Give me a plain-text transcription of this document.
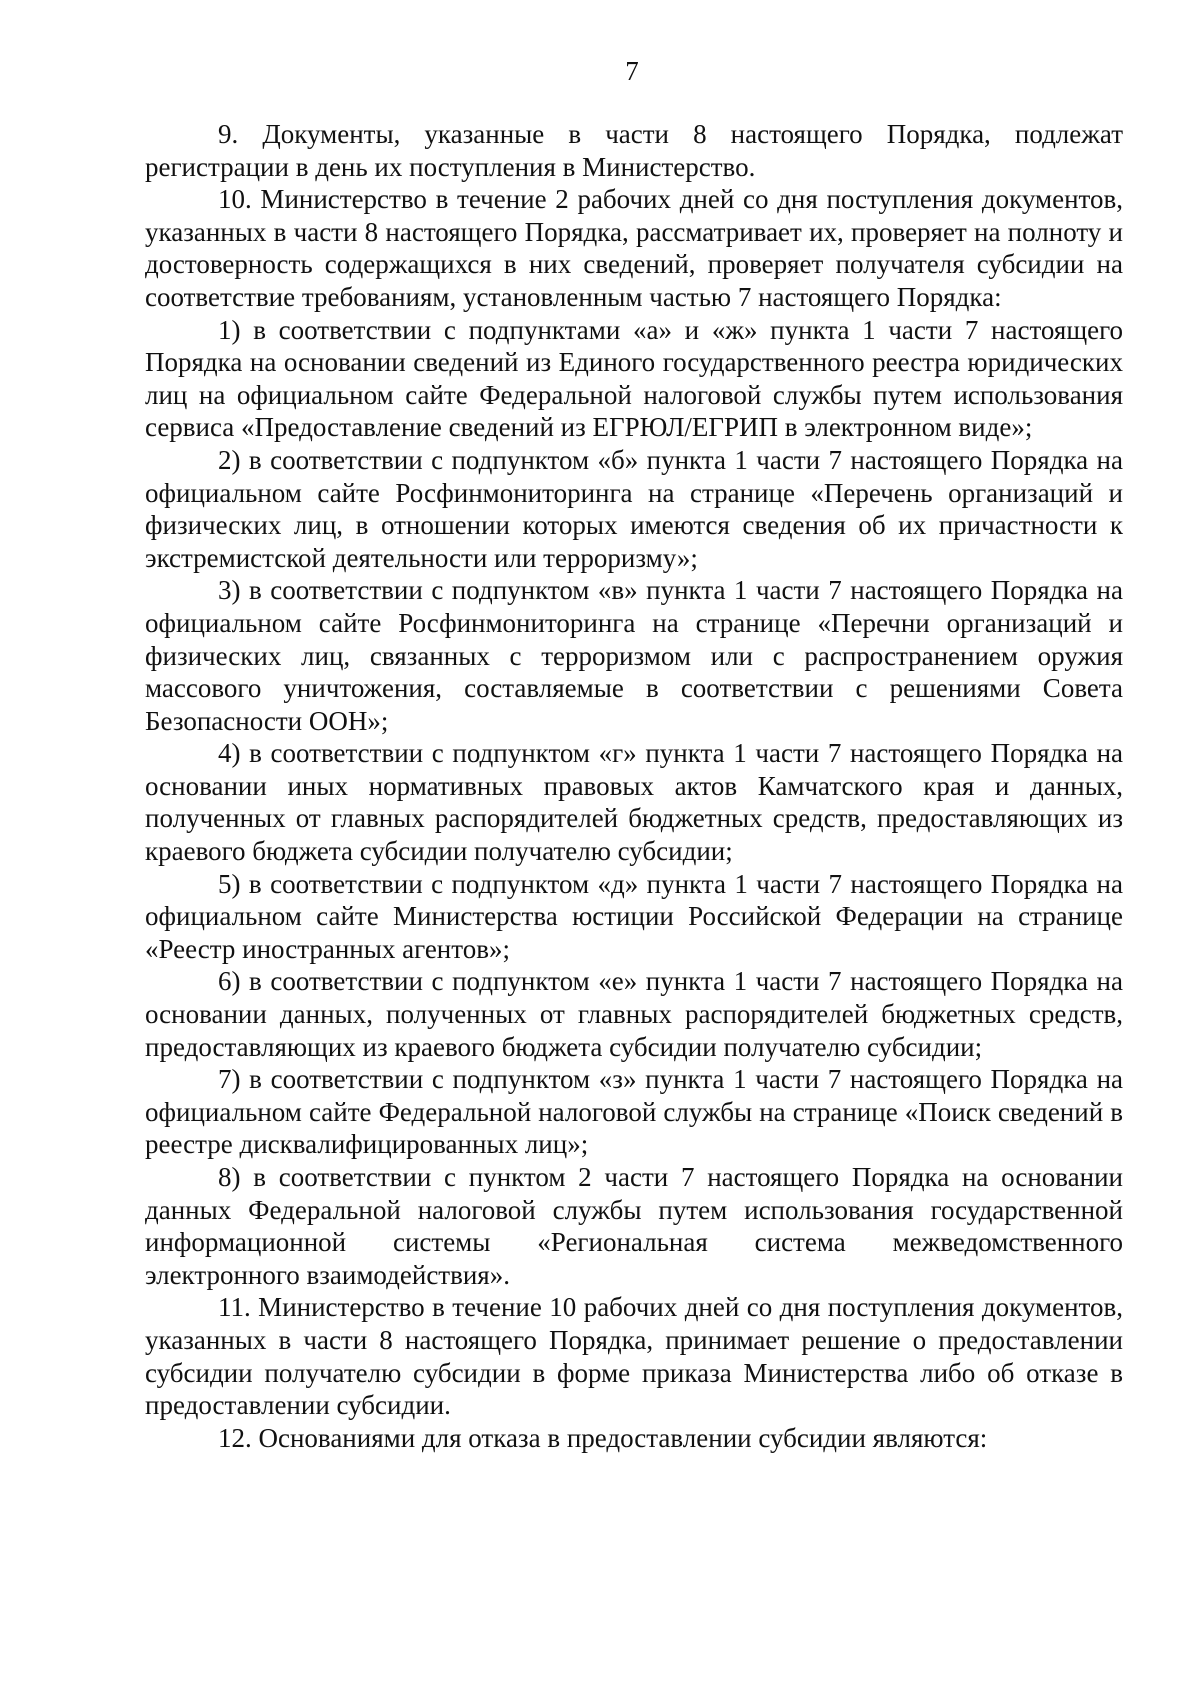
7

9. Документы, указанные в части 8 настоящего Порядка, подлежат регистрации в день их поступления в Министерство.

10. Министерство в течение 2 рабочих дней со дня поступления документов, указанных в части 8 настоящего Порядка, рассматривает их, проверяет на полноту и достоверность содержащихся в них сведений, проверяет получателя субсидии на соответствие требованиям, установленным частью 7 настоящего Порядка:

1) в соответствии с подпунктами «а» и «ж» пункта 1 части 7 настоящего Порядка на основании сведений из Единого государственного реестра юридических лиц на официальном сайте Федеральной налоговой службы путем использования сервиса «Предоставление сведений из ЕГРЮЛ/ЕГРИП в электронном виде»;

2) в соответствии с подпунктом «б» пункта 1 части 7 настоящего Порядка на официальном сайте Росфинмониторинга на странице «Перечень организаций и физических лиц, в отношении которых имеются сведения об их причастности к экстремистской деятельности или терроризму»;

3) в соответствии с подпунктом «в» пункта 1 части 7 настоящего Порядка на официальном сайте Росфинмониторинга на странице «Перечни организаций и физических лиц, связанных с терроризмом или с распространением оружия массового уничтожения, составляемые в соответствии с решениями Совета Безопасности ООН»;

4) в соответствии с подпунктом «г» пункта 1 части 7 настоящего Порядка на основании иных нормативных правовых актов Камчатского края и данных, полученных от главных распорядителей бюджетных средств, предоставляющих из краевого бюджета субсидии получателю субсидии;

5) в соответствии с подпунктом «д» пункта 1 части 7 настоящего Порядка на официальном сайте Министерства юстиции Российской Федерации на странице «Реестр иностранных агентов»;

6) в соответствии с подпунктом «е» пункта 1 части 7 настоящего Порядка на основании данных, полученных от главных распорядителей бюджетных средств, предоставляющих из краевого бюджета субсидии получателю субсидии;

7) в соответствии с подпунктом «з» пункта 1 части 7 настоящего Порядка на официальном сайте Федеральной налоговой службы на странице «Поиск сведений в реестре дисквалифицированных лиц»;

8) в соответствии с пунктом 2 части 7 настоящего Порядка на основании данных Федеральной налоговой службы путем использования государственной информационной системы «Региональная система межведомственного электронного взаимодействия».

11. Министерство в течение 10 рабочих дней со дня поступления документов, указанных в части 8 настоящего Порядка, принимает решение о предоставлении субсидии получателю субсидии в форме приказа Министерства либо об отказе в предоставлении субсидии.

12. Основаниями для отказа в предоставлении субсидии являются:
